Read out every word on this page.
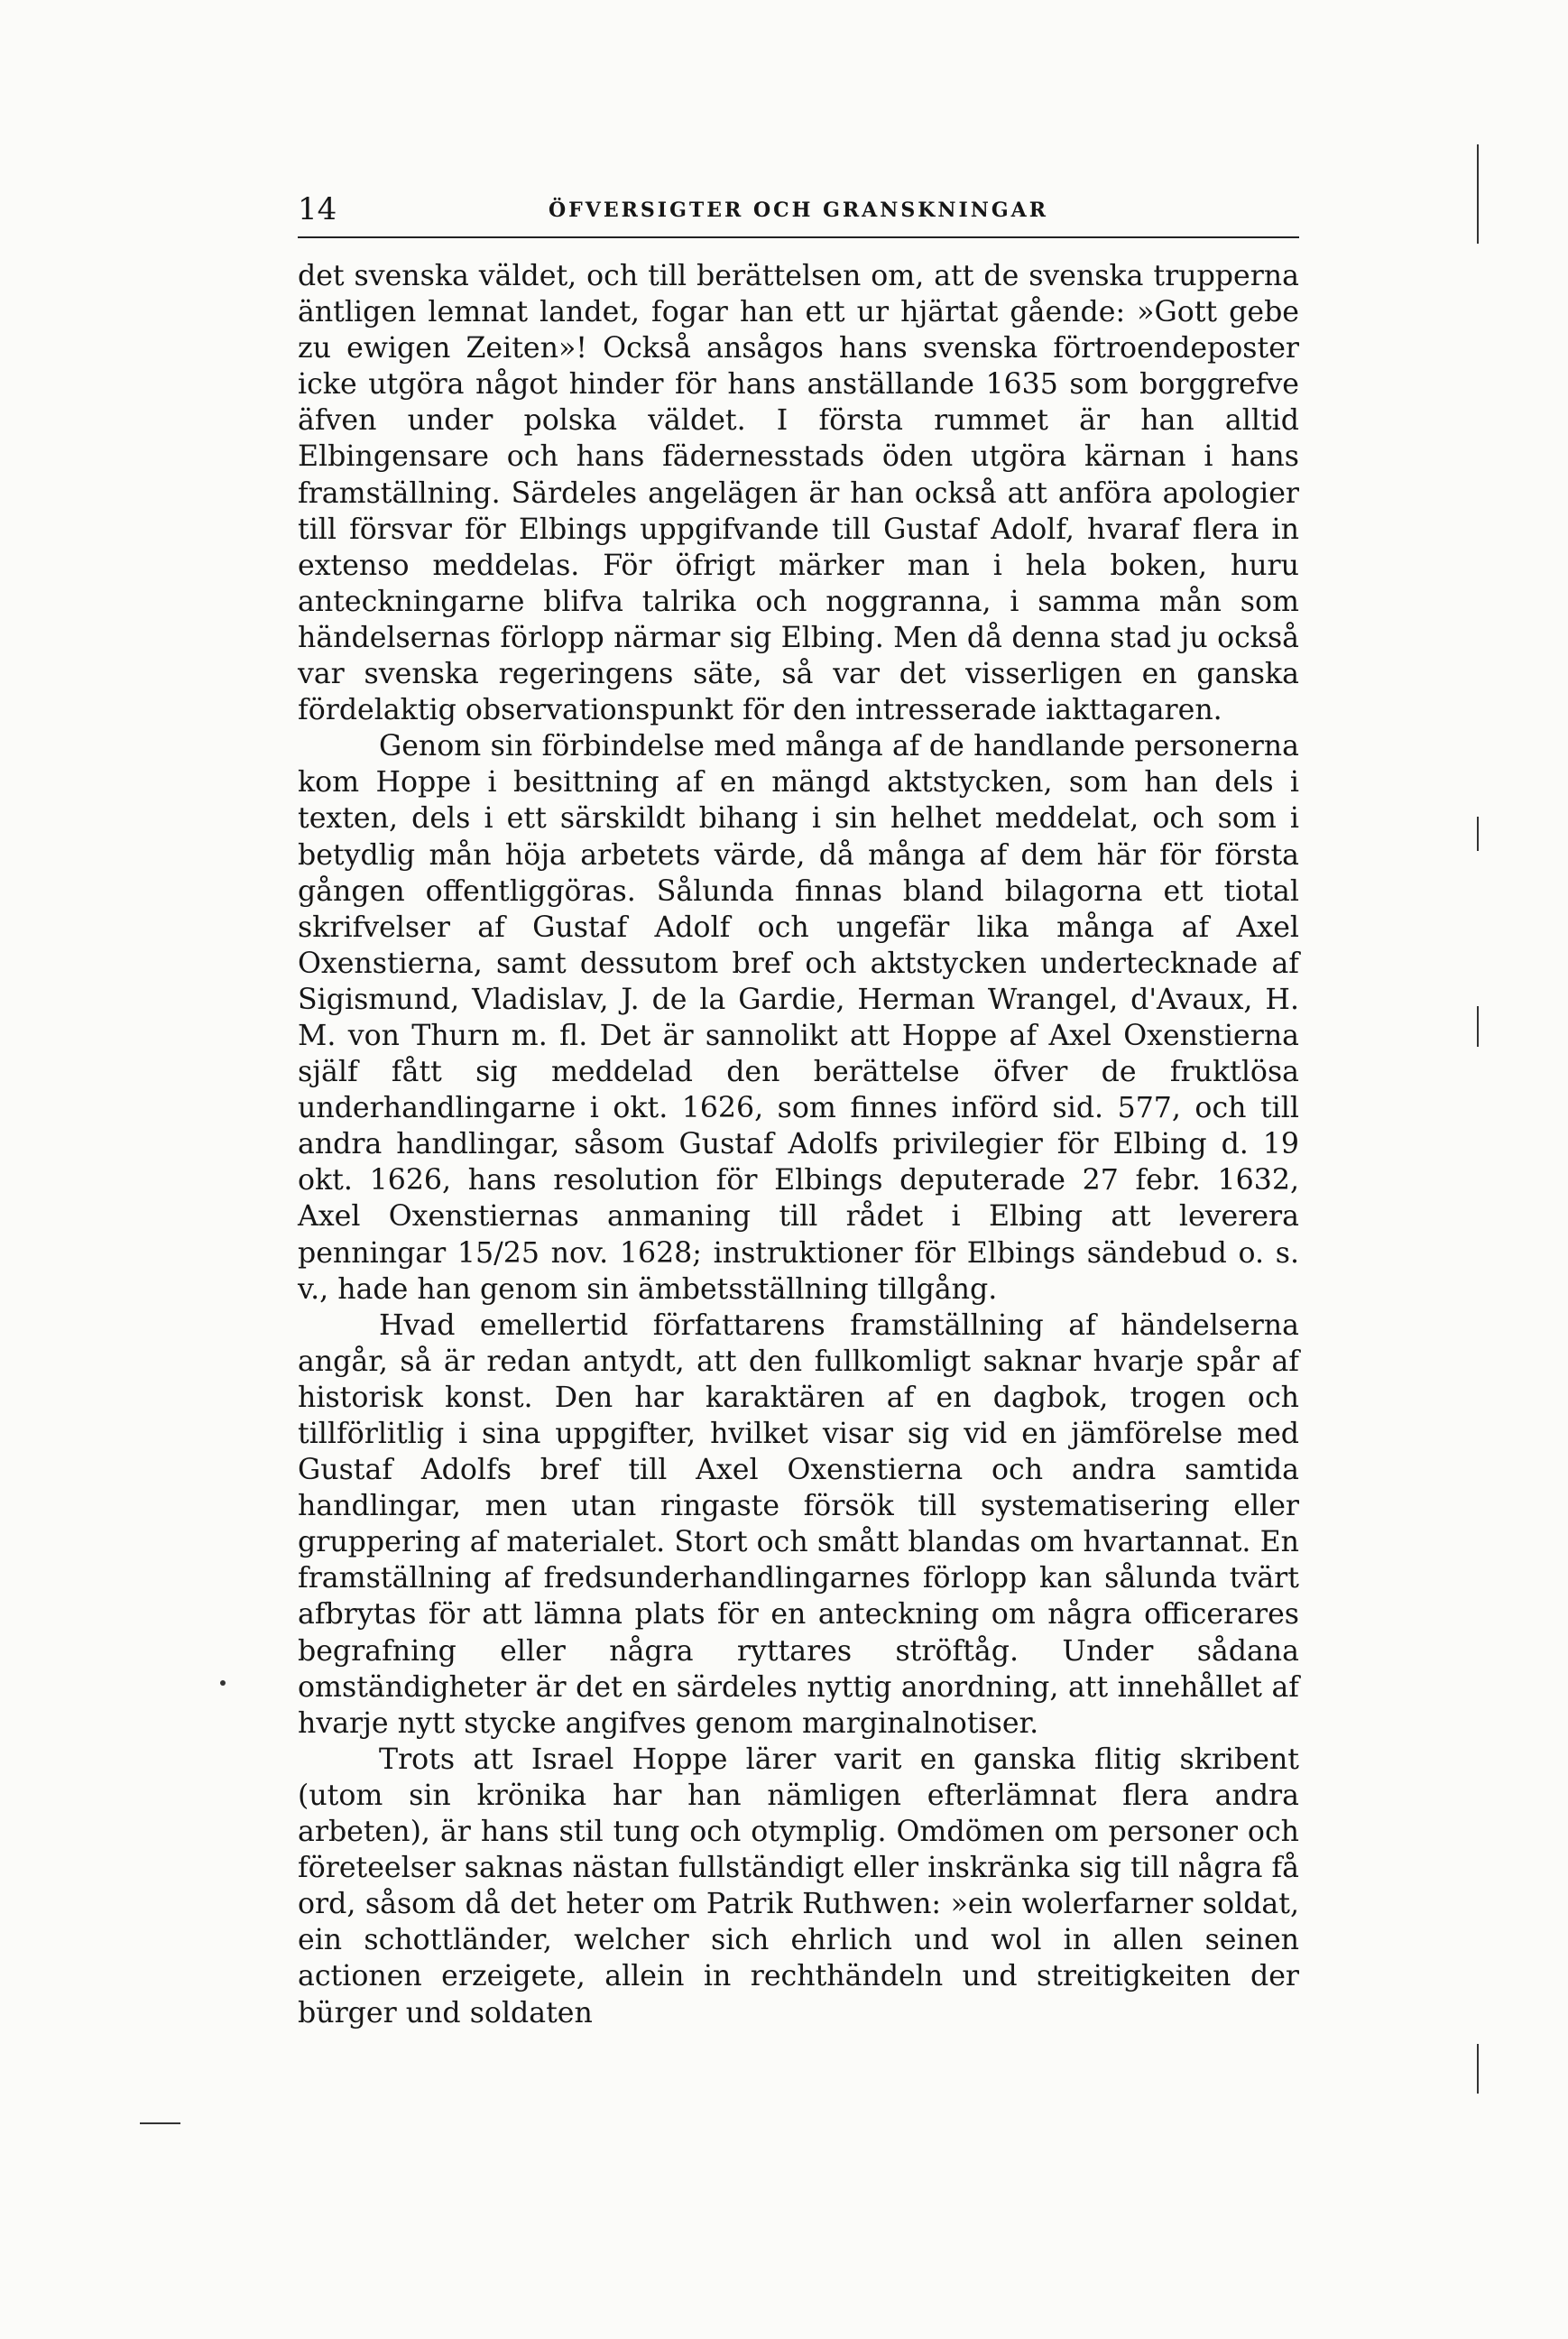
14	ÖFVERSIGTER OCH GRANSKNINGAR

det svenska väldet, och till berättelsen om, att de svenska trupperna äntligen lemnat landet, fogar han ett ur hjärtat gående: »Gott gebe zu ewigen Zeiten»! Också ansågos hans svenska förtroendeposter icke utgöra något hinder för hans anställande 1635 som borggrefve äfven under polska väldet. I första rummet är han alltid Elbingensare och hans fädernesstads öden utgöra kärnan i hans framställning. Särdeles angelägen är han också att anföra apologier till försvar för Elbings uppgifvande till Gustaf Adolf, hvaraf flera in extenso meddelas. För öfrigt märker man i hela boken, huru anteckningarne blifva talrika och noggranna, i samma mån som händelsernas förlopp närmar sig Elbing. Men då denna stad ju också var svenska regeringens säte, så var det visserligen en ganska fördelaktig observationspunkt för den intresserade iakttagaren.

Genom sin förbindelse med många af de handlande personerna kom Hoppe i besittning af en mängd aktstycken, som han dels i texten, dels i ett särskildt bihang i sin helhet meddelat, och som i betydlig mån höja arbetets värde, då många af dem här för första gången offentliggöras. Sålunda finnas bland bilagorna ett tiotal skrifvelser af Gustaf Adolf och ungefär lika många af Axel Oxenstierna, samt dessutom bref och aktstycken undertecknade af Sigismund, Vladislav, J. de la Gardie, Herman Wrangel, d'Avaux, H. M. von Thurn m. fl. Det är sannolikt att Hoppe af Axel Oxenstierna själf fått sig meddelad den berättelse öfver de fruktlösa underhandlingarne i okt. 1626, som finnes införd sid. 577, och till andra handlingar, såsom Gustaf Adolfs privilegier för Elbing d. 19 okt. 1626, hans resolution för Elbings deputerade 27 febr. 1632, Axel Oxenstiernas anmaning till rådet i Elbing att leverera penningar 15/25 nov. 1628; instruktioner för Elbings sändebud o. s. v., hade han genom sin ämbetsställning tillgång.

Hvad emellertid författarens framställning af händelserna angår, så är redan antydt, att den fullkomligt saknar hvarje spår af historisk konst. Den har karaktären af en dagbok, trogen och tillförlitlig i sina uppgifter, hvilket visar sig vid en jämförelse med Gustaf Adolfs bref till Axel Oxenstierna och andra samtida handlingar, men utan ringaste försök till systematisering eller gruppering af materialet. Stort och smått blandas om hvartannat. En framställning af fredsunderhandlingarnes förlopp kan sålunda tvärt afbrytas för att lämna plats för en anteckning om några officerares begrafning eller några ryttares ströftåg. Under sådana omständigheter är det en särdeles nyttig anordning, att innehållet af hvarje nytt stycke angifves genom marginalnotiser.

Trots att Israel Hoppe lärer varit en ganska flitig skribent (utom sin krönika har han nämligen efterlämnat flera andra arbeten), är hans stil tung och otymplig. Omdömen om personer och företeelser saknas nästan fullständigt eller inskränka sig till några få ord, såsom då det heter om Patrik Ruthwen: »ein wolerfarner soldat, ein schottländer, welcher sich ehrlich und wol in allen seinen actionen erzeigete, allein in rechthändeln und streitigkeiten der bürger und soldaten
